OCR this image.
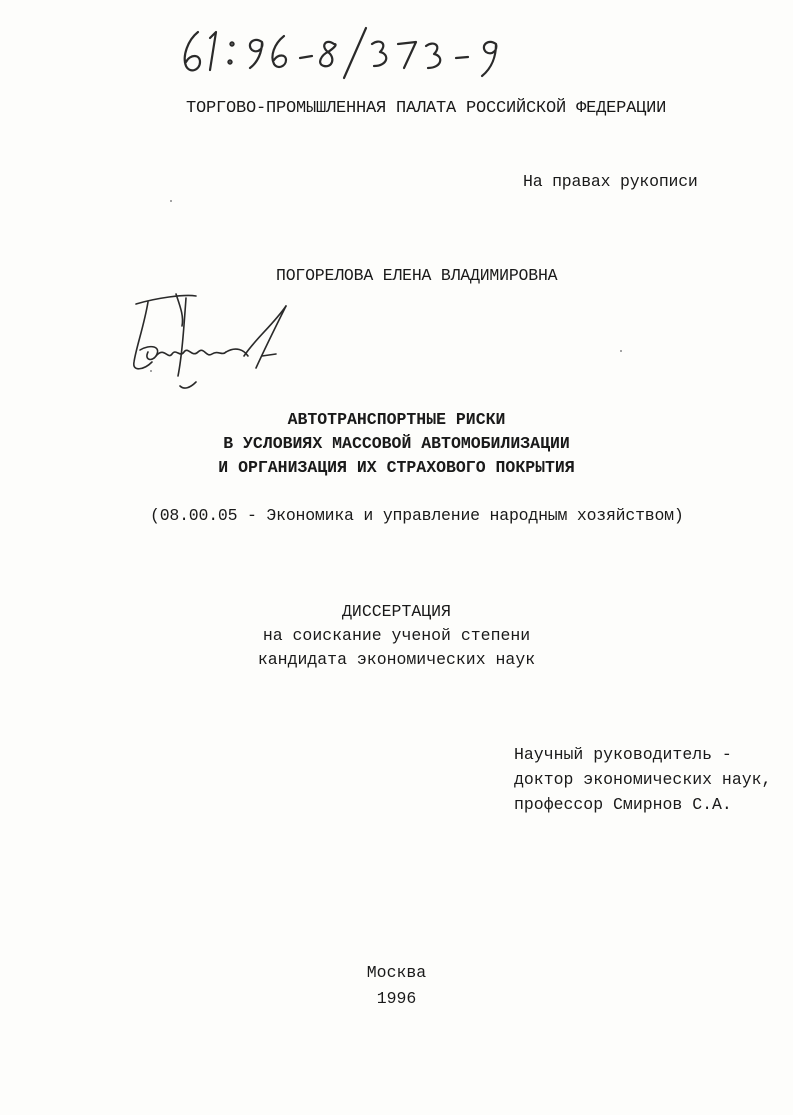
ТОРГОВО-ПРОМЫШЛЕННАЯ ПАЛАТА РОССИЙСКОЙ ФЕДЕРАЦИИ
На правах рукописи
ПОГОРЕЛОВА ЕЛЕНА ВЛАДИМИРОВНА
АВТОТРАНСПОРТНЫЕ РИСКИ
В УСЛОВИЯХ МАССОВОЙ АВТОМОБИЛИЗАЦИИ
И ОРГАНИЗАЦИЯ ИХ СТРАХОВОГО ПОКРЫТИЯ
(08.00.05 - Экономика и управление народным хозяйством)
ДИССЕРТАЦИЯ
на соискание ученой степени
кандидата экономических наук
Научный руководитель -
доктор экономических наук,
профессор Смирнов С.А.
Москва
1996
